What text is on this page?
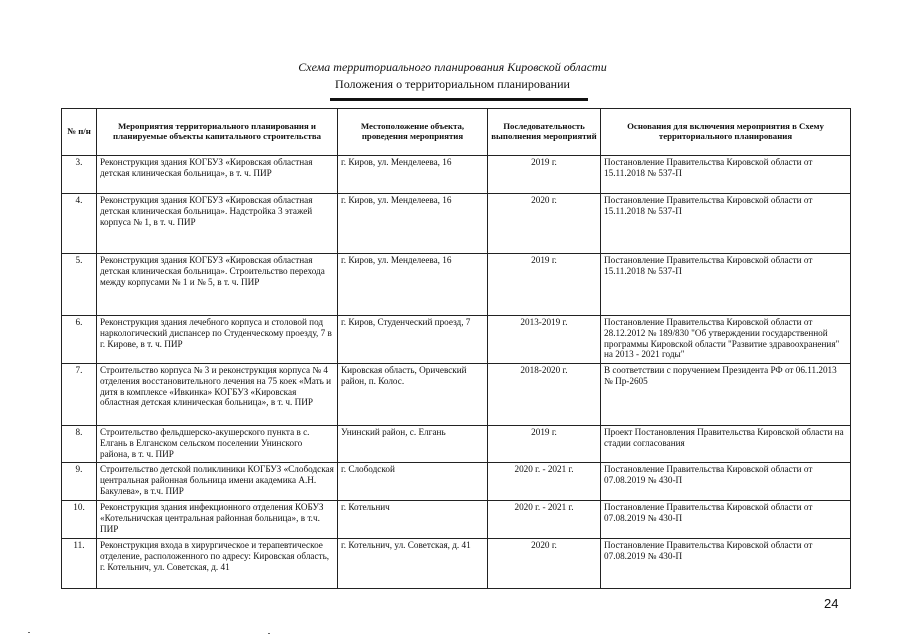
Схема территориального планирования Кировской области
Положения о территориальном планировании
№ п/н	Мероприятия территориального планирования и планируемые объекты капитального строительства	Местоположение объекта, проведения мероприятия	Последовательность выполнения мероприятий	Основания для включения мероприятия в Схему территориального планирования
3.	Реконструкция здания КОГБУЗ «Кировская областная детская клиническая больница», в т. ч. ПИР	г. Киров, ул. Менделеева, 16	2019 г.	Постановление Правительства Кировской области от 15.11.2018 № 537-П
4.	Реконструкция здания КОГБУЗ «Кировская областная детская клиническая больница». Надстройка 3 этажей корпуса № 1, в т. ч. ПИР	г. Киров, ул. Менделеева, 16	2020 г.	Постановление Правительства Кировской области от 15.11.2018 № 537-П
5.	Реконструкция здания КОГБУЗ «Кировская областная детская клиническая больница». Строительство перехода между корпусами № 1 и № 5, в т. ч. ПИР	г. Киров, ул. Менделеева, 16	2019 г.	Постановление Правительства Кировской области от 15.11.2018 № 537-П
6.	Реконструкция здания лечебного корпуса и столовой под наркологический диспансер по Студенческому проезду, 7 в г. Кирове, в т. ч. ПИР	г. Киров, Студенческий проезд, 7	2013-2019 г.	Постановление Правительства Кировской области от 28.12.2012 № 189/830 "Об утверждении государственной программы Кировской области "Развитие здравоохранения" на 2013 - 2021 годы"
7.	Строительство корпуса № 3 и реконструкция корпуса № 4 отделения восстановительного лечения на 75 коек «Мать и дитя в комплексе «Ивкинка» КОГБУЗ «Кировская областная детская клиническая больница», в т. ч. ПИР	Кировская область, Оричевский район, п. Колос.	2018-2020 г.	В соответствии с поручением Президента РФ от 06.11.2013 № Пр-2605
8.	Строительство фельдшерско-акушерского пункта в с. Елгань в Елганском сельском поселении Унинского района, в т. ч. ПИР	Унинский район, с. Елгань	2019 г.	Проект Постановления Правительства Кировской области на стадии согласования
9.	Строительство детской поликлиники КОГБУЗ «Слободская центральная районная больница имени академика А.Н. Бакулева», в т.ч. ПИР	г. Слободской	2020 г. - 2021 г.	Постановление Правительства Кировской области от 07.08.2019 № 430-П
10.	Реконструкция здания инфекционного отделения КОБУЗ «Котельничская центральная районная больница», в т.ч. ПИР	г. Котельнич	2020 г. - 2021 г.	Постановление Правительства Кировской области от 07.08.2019 № 430-П
11.	Реконструкция входа в хирургическое и терапевтическое отделение, расположенного по адресу: Кировская область, г. Котельнич, ул. Советская, д. 41	г. Котельнич, ул. Советская, д. 41	2020 г.	Постановление Правительства Кировской области от 07.08.2019 № 430-П
24
